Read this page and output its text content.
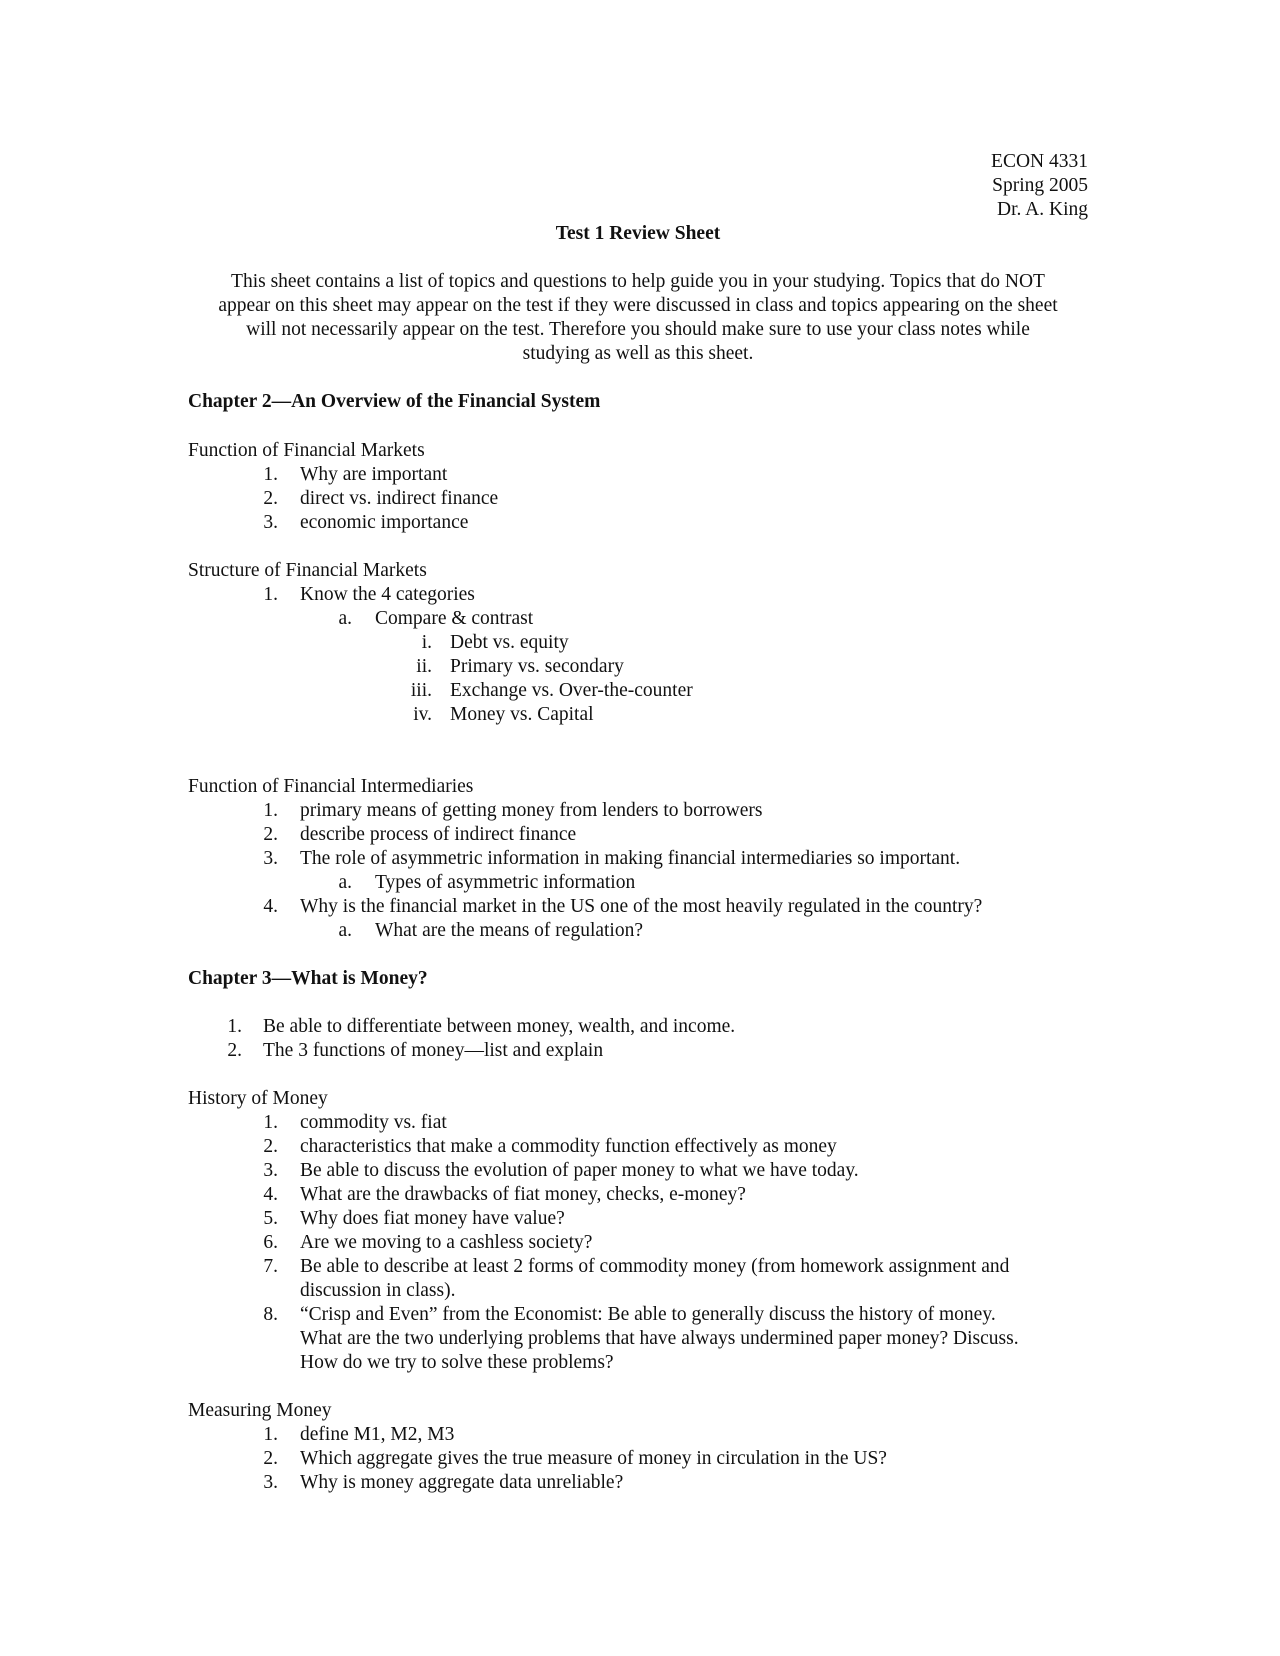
ECON 4331
Spring 2005
Dr. A. King
Test 1 Review Sheet
This sheet contains a list of topics and questions to help guide you in your studying. Topics that do NOT
appear on this sheet may appear on the test if they were discussed in class and topics appearing on the sheet
will not necessarily appear on the test. Therefore you should make sure to use your class notes while
studying as well as this sheet.
Chapter 2—An Overview of the Financial System
Function of Financial Markets
1. Why are important
2. direct vs. indirect finance
3. economic importance
Structure of Financial Markets
1. Know the 4 categories
a. Compare & contrast
i. Debt vs. equity
ii. Primary vs. secondary
iii. Exchange vs. Over-the-counter
iv. Money vs. Capital
Function of Financial Intermediaries
1. primary means of getting money from lenders to borrowers
2. describe process of indirect finance
3. The role of asymmetric information in making financial intermediaries so important.
a. Types of asymmetric information
4. Why is the financial market in the US one of the most heavily regulated in the country?
a. What are the means of regulation?
Chapter 3—What is Money?
1. Be able to differentiate between money, wealth, and income.
2. The 3 functions of money—list and explain
History of Money
1. commodity vs. fiat
2. characteristics that make a commodity function effectively as money
3. Be able to discuss the evolution of paper money to what we have today.
4. What are the drawbacks of fiat money, checks, e-money?
5. Why does fiat money have value?
6. Are we moving to a cashless society?
7. Be able to describe at least 2 forms of commodity money (from homework assignment and
discussion in class).
8. “Crisp and Even” from the Economist: Be able to generally discuss the history of money.
What are the two underlying problems that have always undermined paper money? Discuss.
How do we try to solve these problems?
Measuring Money
1. define M1, M2, M3
2. Which aggregate gives the true measure of money in circulation in the US?
3. Why is money aggregate data unreliable?
